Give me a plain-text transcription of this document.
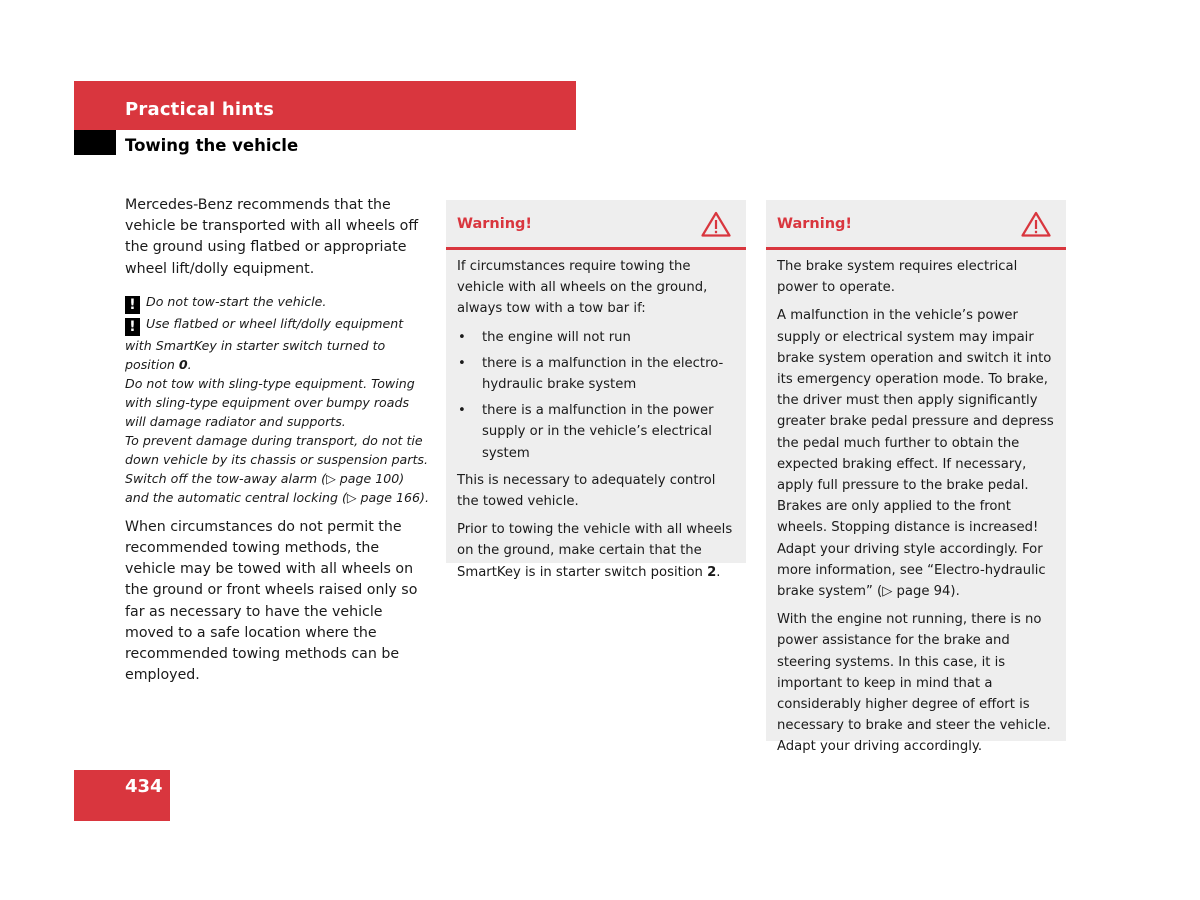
Practical hints
Towing the vehicle

Mercedes-Benz recommends that the vehicle be transported with all wheels off the ground using flatbed or appropriate wheel lift/dolly equipment.

! Do not tow-start the vehicle.

! Use flatbed or wheel lift/dolly equipment with SmartKey in starter switch turned to position 0.

Do not tow with sling-type equipment. Towing with sling-type equipment over bumpy roads will damage radiator and supports.

To prevent damage during transport, do not tie down vehicle by its chassis or suspension parts.

Switch off the tow-away alarm (▷ page 100) and the automatic central locking (▷ page 166).

When circumstances do not permit the recommended towing methods, the vehicle may be towed with all wheels on the ground or front wheels raised only so far as necessary to have the vehicle moved to a safe location where the recommended towing methods can be employed.

Warning!

If circumstances require towing the vehicle with all wheels on the ground, always tow with a tow bar if:

• the engine will not run
• there is a malfunction in the electro-hydraulic brake system
• there is a malfunction in the power supply or in the vehicle’s electrical system

This is necessary to adequately control the towed vehicle.

Prior to towing the vehicle with all wheels on the ground, make certain that the SmartKey is in starter switch position 2.

Warning!

The brake system requires electrical power to operate.

A malfunction in the vehicle’s power supply or electrical system may impair brake system operation and switch it into its emergency operation mode. To brake, the driver must then apply significantly greater brake pedal pressure and depress the pedal much further to obtain the expected braking effect. If necessary, apply full pressure to the brake pedal. Brakes are only applied to the front wheels. Stopping distance is increased! Adapt your driving style accordingly. For more information, see “Electro-hydraulic brake system” (▷ page 94).

With the engine not running, there is no power assistance for the brake and steering systems. In this case, it is important to keep in mind that a considerably higher degree of effort is necessary to brake and steer the vehicle. Adapt your driving accordingly.

434
